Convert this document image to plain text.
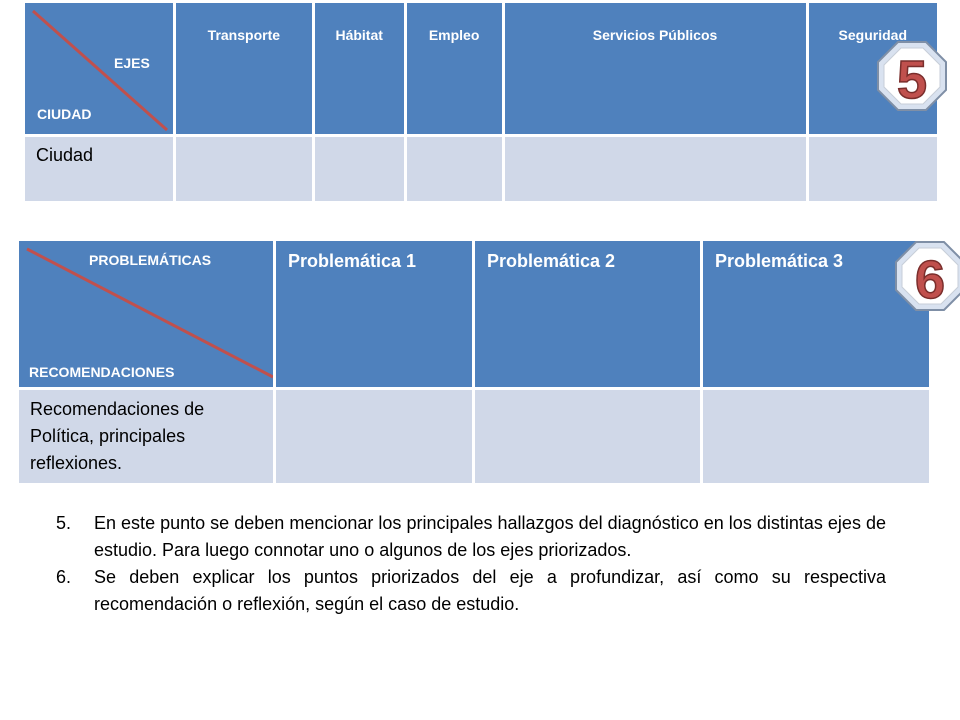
EJES
CIUDAD	Transporte	Hábitat	Empleo	Servicios Públicos	Seguridad

Ciudad					
5
PROBLEMÁTICAS
RECOMENDACIONES	Problemática 1	Problemática 2	Problemática 3
Recomendaciones de Política, principales reflexiones.			
6
5.	En este punto se deben mencionar los principales hallazgos del diagnóstico en los distintas ejes de estudio. Para luego connotar uno o algunos de los ejes priorizados.
6.	Se deben explicar los puntos priorizados del eje a profundizar, así como su respectiva recomendación o reflexión, según el caso de estudio.
